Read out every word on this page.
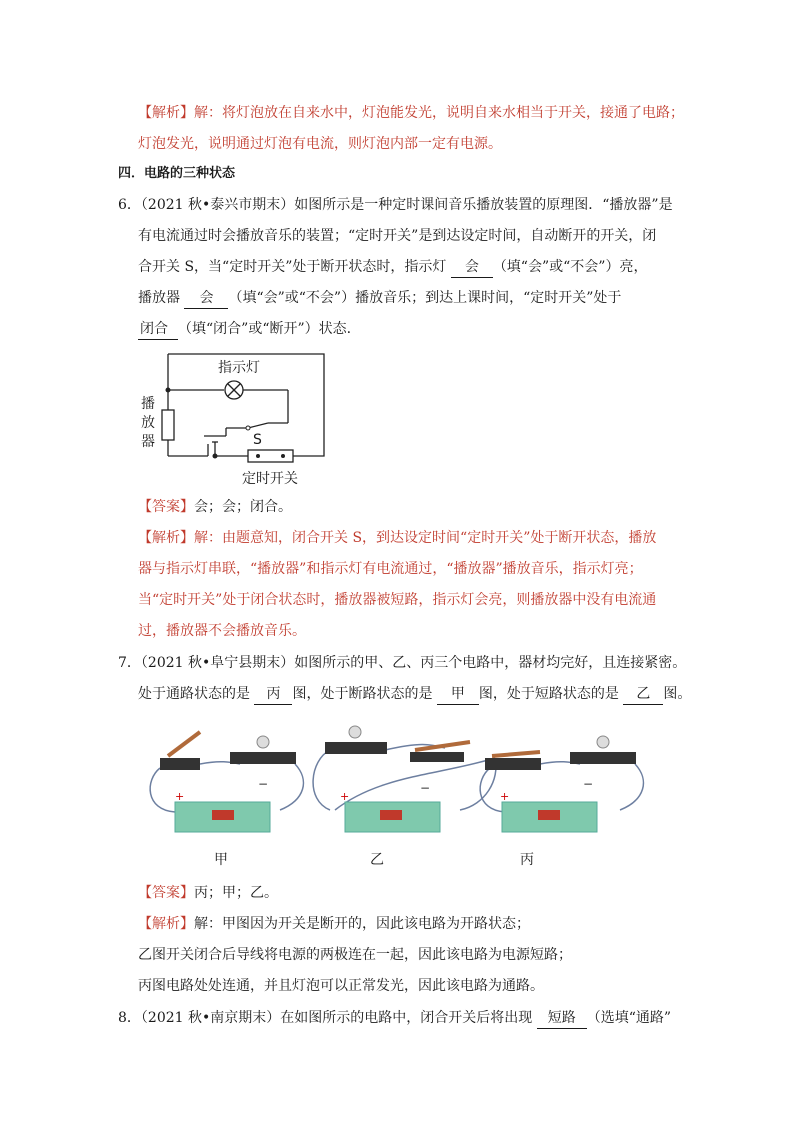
【解析】解：将灯泡放在自来水中，灯泡能发光，说明自来水相当于开关，接通了电路；
灯泡发光，说明通过灯泡有电流，则灯泡内部一定有电源。
四．电路的三种状态
6．（2021 秋•泰兴市期末）如图所示是一种定时课间音乐播放装置的原理图．“播放器”是
有电流通过时会播放音乐的装置；“定时开关”是到达设定时间，自动断开的开关，闭
合开关 S，当“定时开关”处于断开状态时，指示灯 会 （填“会”或“不会”）亮，
播放器 会 （填“会”或“不会”）播放音乐；到达上课时间，“定时开关”处于
闭合 （填“闭合”或“断开”）状态.
指示灯
播放器	S
定时开关
【答案】会；会；闭合。
【解析】解：由题意知，闭合开关 S，到达设定时间“定时开关”处于断开状态，播放
器与指示灯串联，“播放器”和指示灯有电流通过，“播放器”播放音乐，指示灯亮；
当“定时开关”处于闭合状态时，播放器被短路，指示灯会亮，则播放器中没有电流通
过，播放器不会播放音乐。
7．（2021 秋•阜宁县期末）如图所示的甲、乙、丙三个电路中，器材均完好，且连接紧密。
处于通路状态的是 丙 图，处于断路状态的是 甲 图，处于短路状态的是 乙 图。
+
−
+
−
+
−
甲	乙	丙
【答案】丙；甲；乙。
【解析】解：甲图因为开关是断开的，因此该电路为开路状态；
乙图开关闭合后导线将电源的两极连在一起，因此该电路为电源短路；
丙图电路处处连通，并且灯泡可以正常发光，因此该电路为通路。
8．（2021 秋•南京期末）在如图所示的电路中，闭合开关后将出现 短路 （选填“通路”
